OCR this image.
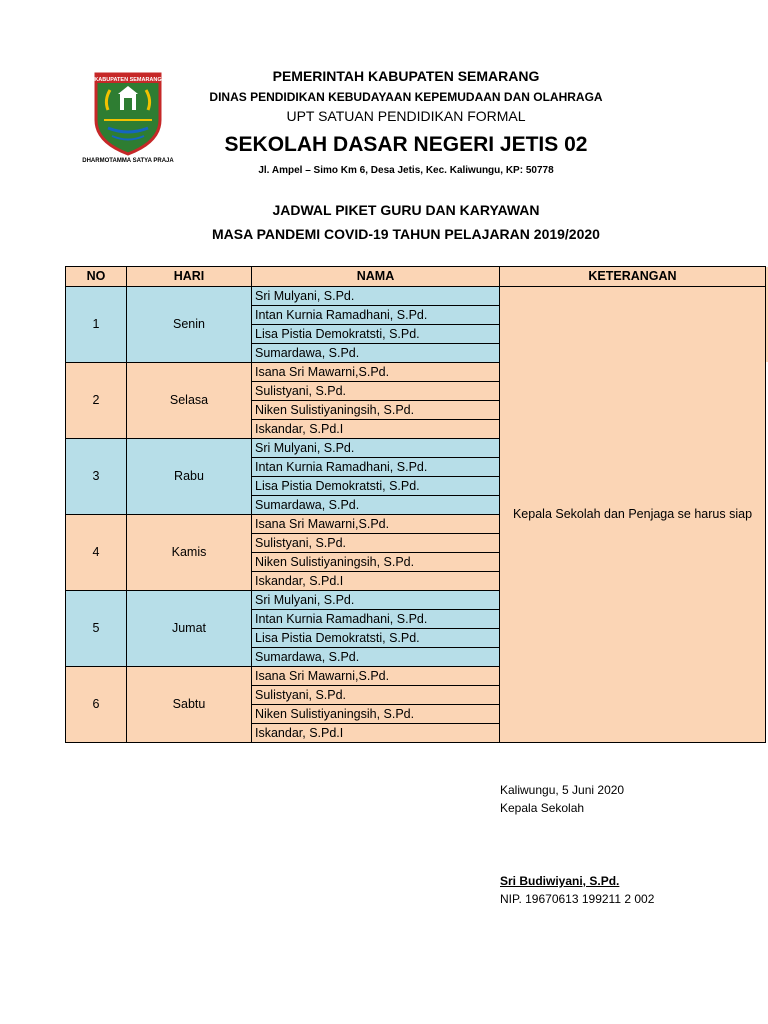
KABUPATEN SEMARANG
DHARMOTAMMA SATYA PRAJA
PEMERINTAH KABUPATEN SEMARANG
DINAS PENDIDIKAN KEBUDAYAAN KEPEMUDAAN DAN OLAHRAGA
UPT SATUAN PENDIDIKAN FORMAL
SEKOLAH DASAR NEGERI JETIS 02
Jl. Ampel – Simo Km 6, Desa Jetis, Kec. Kaliwungu, KP: 50778
JADWAL PIKET GURU DAN KARYAWAN
MASA PANDEMI COVID-19 TAHUN PELAJARAN 2019/2020
NO	HARI	NAMA	KETERANGAN
1	Senin	Sri Mulyani, S.Pd.	Kepala Sekolah dan Penjaga se harus siap
		Intan Kurnia Ramadhani, S.Pd.	
		Lisa Pistia Demokratsti, S.Pd.	
		Sumardawa, S.Pd.	
2	Selasa	Isana Sri Mawarni,S.Pd.	
		Sulistyani, S.Pd.	
		Niken Sulistiyaningsih, S.Pd.	
		Iskandar, S.Pd.I	
3	Rabu	Sri Mulyani, S.Pd.	
		Intan Kurnia Ramadhani, S.Pd.	
		Lisa Pistia Demokratsti, S.Pd.	
		Sumardawa, S.Pd.	
4	Kamis	Isana Sri Mawarni,S.Pd.	
		Sulistyani, S.Pd.	
		Niken Sulistiyaningsih, S.Pd.	
		Iskandar, S.Pd.I	
5	Jumat	Sri Mulyani, S.Pd.	
		Intan Kurnia Ramadhani, S.Pd.	
		Lisa Pistia Demokratsti, S.Pd.	
		Sumardawa, S.Pd.	
6	Sabtu	Isana Sri Mawarni,S.Pd.	
		Sulistyani, S.Pd.	
		Niken Sulistiyaningsih, S.Pd.	
		Iskandar, S.Pd.I	
Kaliwungu, 5 Juni 2020
Kepala Sekolah
Sri Budiwiyani, S.Pd.
NIP. 19670613 199211 2 002
